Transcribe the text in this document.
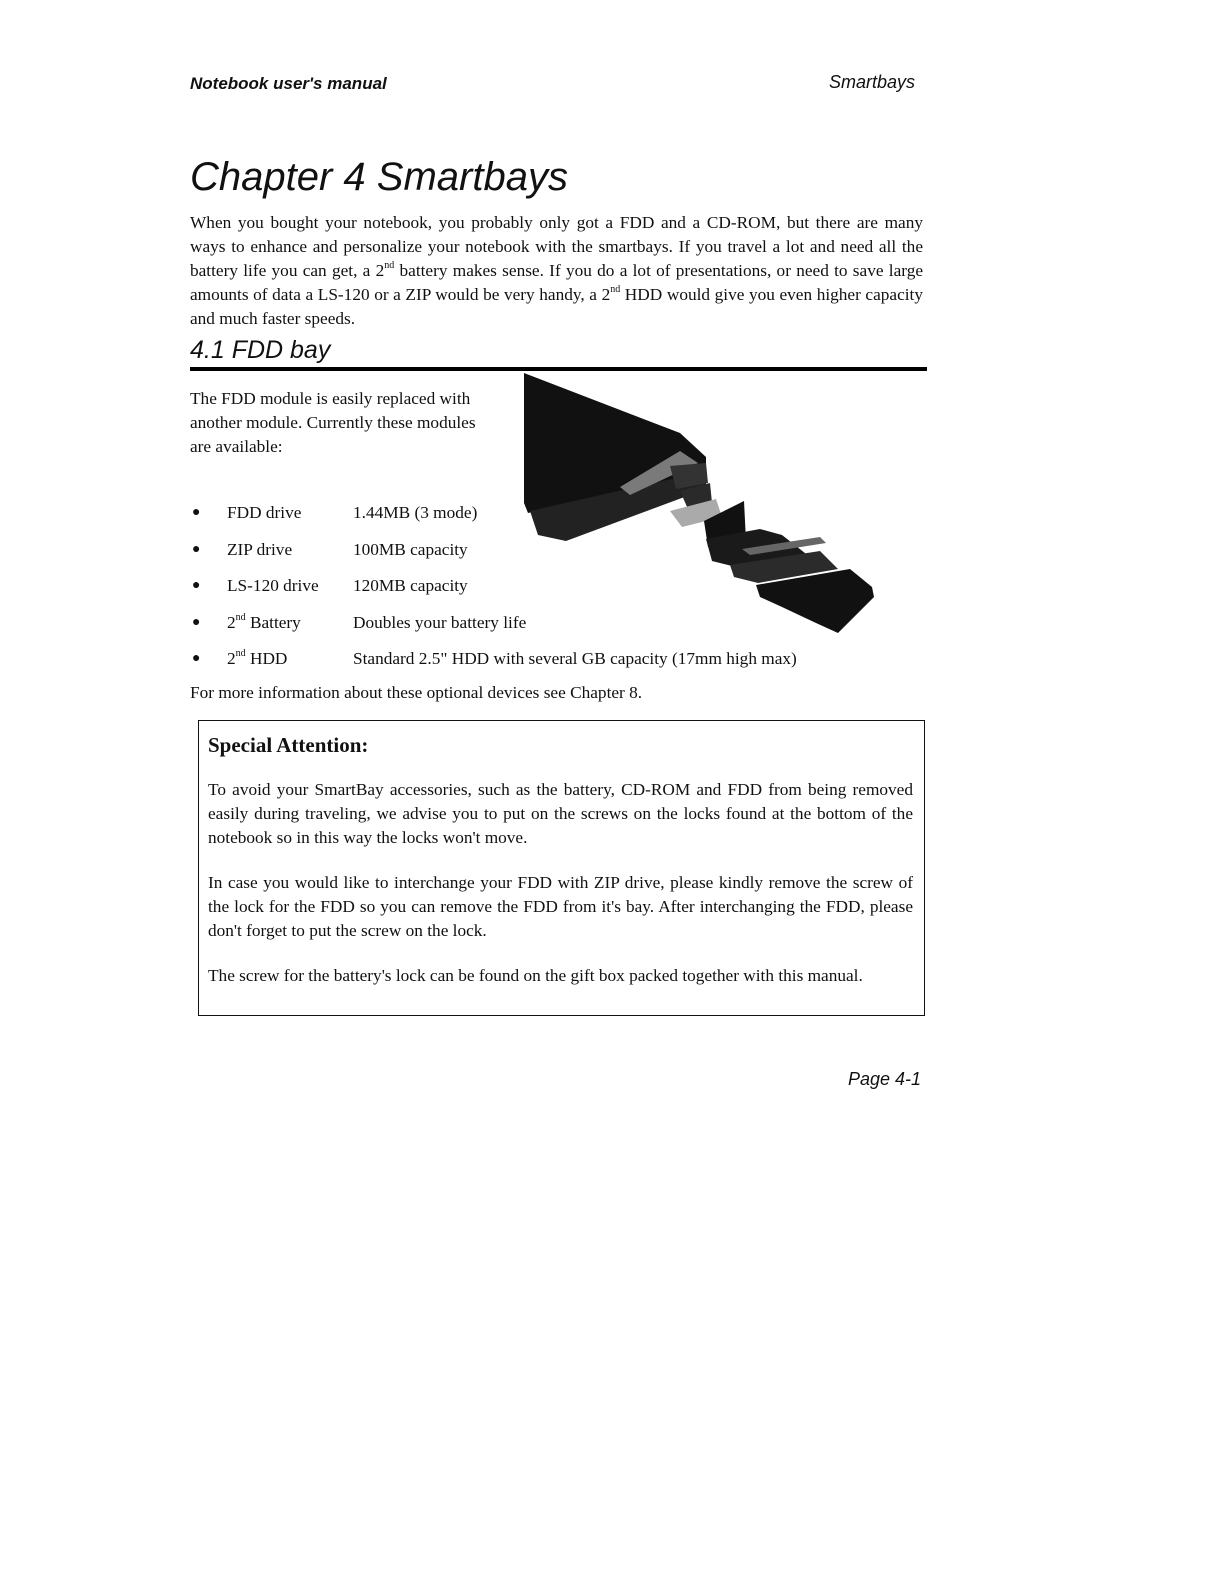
Notebook user's manual	Smartbays
Chapter 4 Smartbays

When you bought your notebook, you probably only got a FDD and a CD-ROM, but there are many ways to enhance and personalize your notebook with the smartbays. If you travel a lot and need all the battery life you can get, a 2nd battery makes sense. If you do a lot of presentations, or need to save large amounts of data a LS-120 or a ZIP would be very handy, a 2nd HDD would give you even higher capacity and much faster speeds.

4.1 FDD bay

The FDD module is easily replaced with another module. Currently these modules are available:

● FDD drive	1.44MB (3 mode)
● ZIP drive	100MB capacity
● LS-120 drive 120MB capacity
● 2nd Battery	Doubles your battery life
● 2nd HDD	Standard 2.5" HDD with several GB capacity (17mm high max)
For more information about these optional devices see Chapter 8.
Special Attention:

To avoid your SmartBay accessories, such as the battery, CD-ROM and FDD from being removed easily during traveling, we advise you to put on the screws on the locks found at the bottom of the notebook so in this way the locks won't move.

In case you would like to interchange your FDD with ZIP drive, please kindly remove the screw of the lock for the FDD so you can remove the FDD from it's bay. After interchanging the FDD, please don't forget to put the screw on the lock.

The screw for the battery's lock can be found on the gift box packed together with this manual.

Page 4-1
